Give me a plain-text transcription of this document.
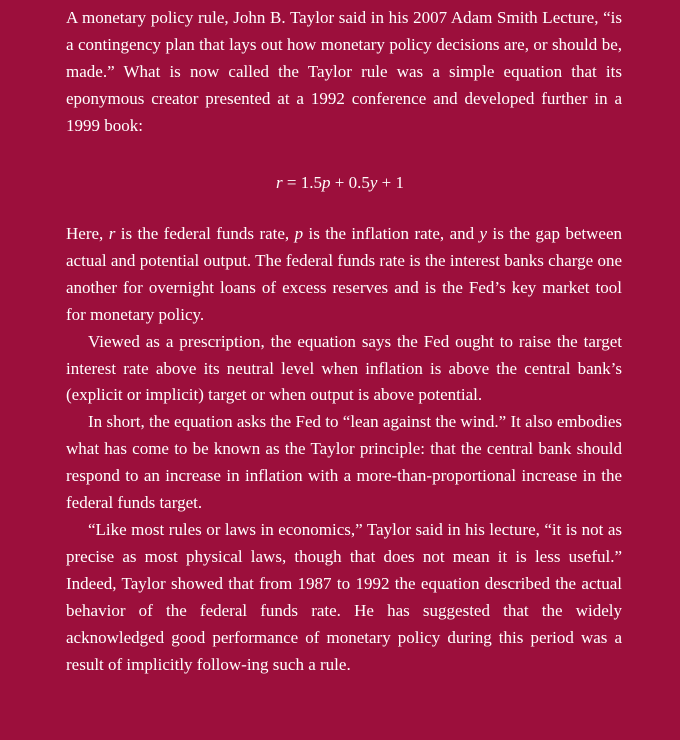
A monetary policy rule, John B. Taylor said in his 2007 Adam Smith Lecture, “is a contingency plan that lays out how monetary policy decisions are, or should be, made.” What is now called the Taylor rule was a simple equation that its eponymous creator presented at a 1992 conference and developed further in a 1999 book:

r = 1.5p + 0.5y + 1

Here, r is the federal funds rate, p is the inflation rate, and y is the gap between actual and potential output. The federal funds rate is the interest banks charge one another for overnight loans of excess reserves and is the Fed’s key market tool for monetary policy.

Viewed as a prescription, the equation says the Fed ought to raise the target interest rate above its neutral level when inflation is above the central bank’s (explicit or implicit) target or when output is above potential.

In short, the equation asks the Fed to “lean against the wind.” It also embodies what has come to be known as the Taylor principle: that the central bank should respond to an increase in inflation with a more-than-proportional increase in the federal funds target.

“Like most rules or laws in economics,” Taylor said in his lecture, “it is not as precise as most physical laws, though that does not mean it is less useful.” Indeed, Taylor showed that from 1987 to 1992 the equation described the actual behavior of the federal funds rate. He has suggested that the widely acknowledged good performance of monetary policy during this period was a result of implicitly follow-ing such a rule.
